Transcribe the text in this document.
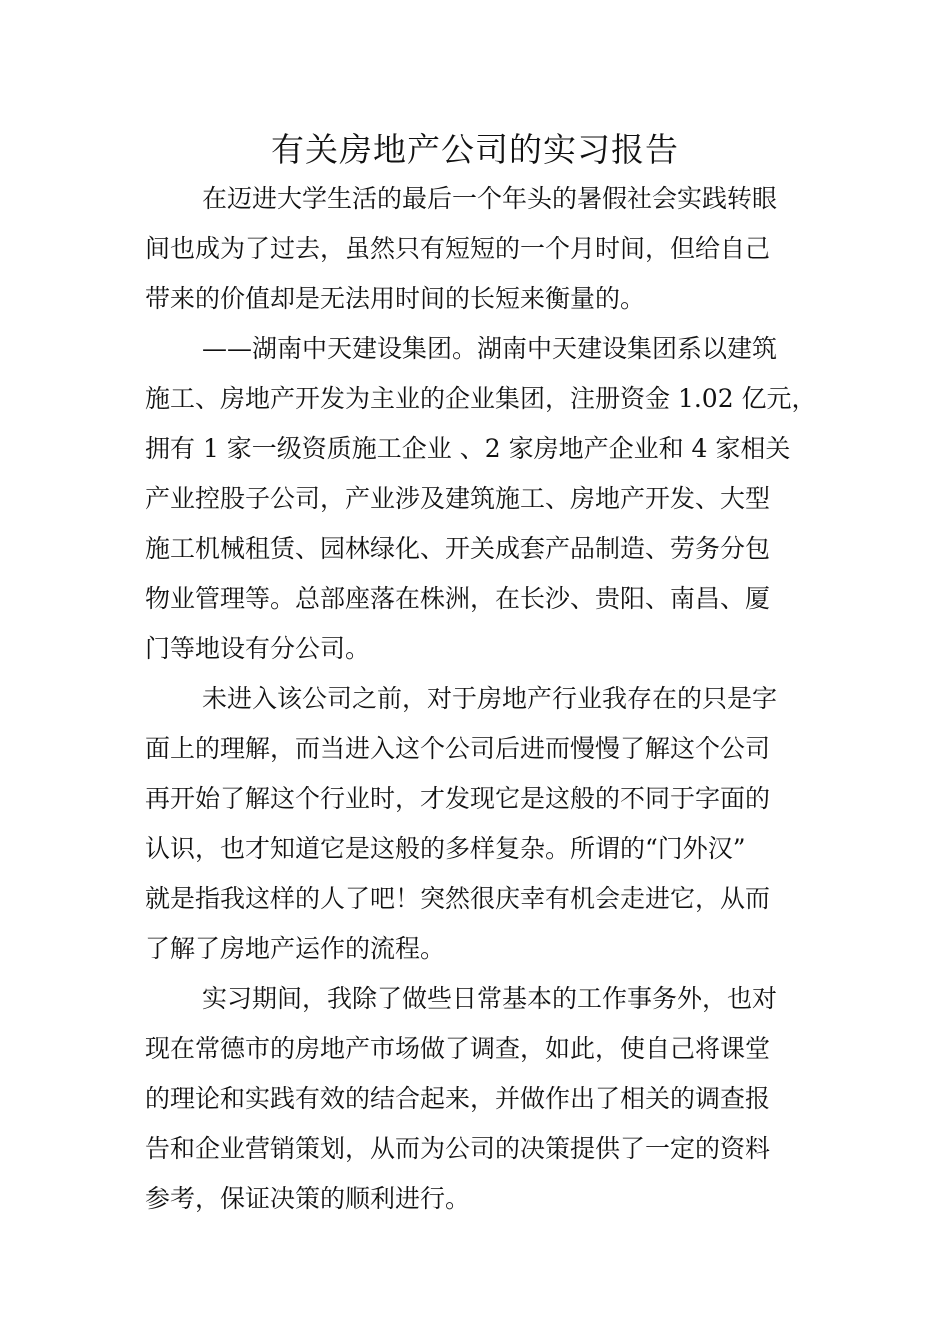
有关房地产公司的实习报告
在迈进大学生活的最后一个年头的暑假社会实践转眼
间也成为了过去，虽然只有短短的一个月时间，但给自己
带来的价值却是无法用时间的长短来衡量的。
——湖南中天建设集团。湖南中天建设集团系以建筑
施工、房地产开发为主业的企业集团，注册资金 1.02 亿元，
拥有 1 家一级资质施工企业 、2 家房地产企业和 4 家相关
产业控股子公司，产业涉及建筑施工、房地产开发、大型
施工机械租赁、园林绿化、开关成套产品制造、劳务分包
物业管理等。总部座落在株洲，在长沙、贵阳、南昌、厦
门等地设有分公司。
未进入该公司之前，对于房地产行业我存在的只是字
面上的理解，而当进入这个公司后进而慢慢了解这个公司
再开始了解这个行业时，才发现它是这般的不同于字面的
认识，也才知道它是这般的多样复杂。所谓的“门外汉”
就是指我这样的人了吧！突然很庆幸有机会走进它，从而
了解了房地产运作的流程。
实习期间，我除了做些日常基本的工作事务外，也对
现在常德市的房地产市场做了调查，如此，使自己将课堂
的理论和实践有效的结合起来，并做作出了相关的调查报
告和企业营销策划，从而为公司的决策提供了一定的资料
参考，保证决策的顺利进行。
